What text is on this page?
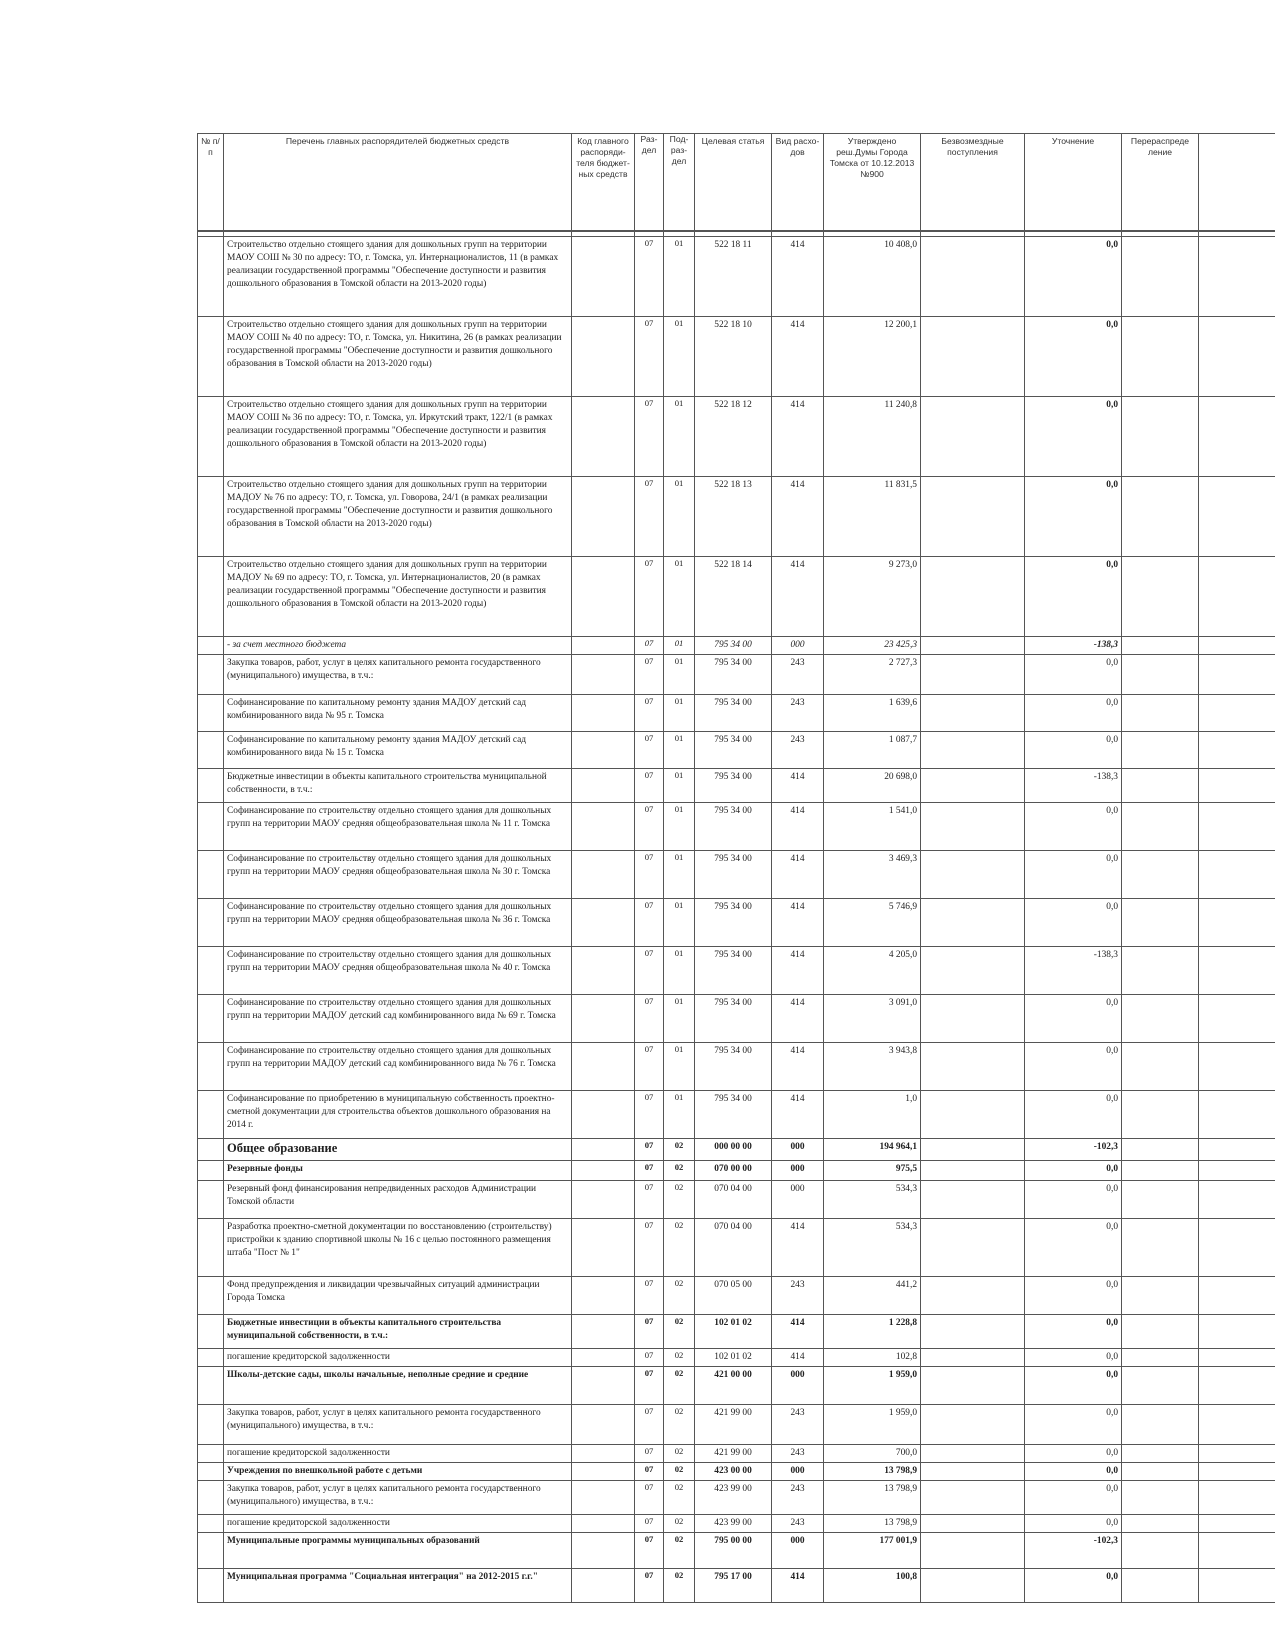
№ п/п	Перечень главных распорядителей бюджетных средств	Код главного распоряди- теля бюджет- ных средств	Раз- дел	Под- раз- дел	Целевая статья	Вид расхо- дов	Утверждено реш.Думы Города Томска от 10.12.2013 №900	Безвозмездные поступления	Уточнение	Перераспреде ление	

	Строительство отдельно стоящего здания для дошкольных групп на территории МАОУ СОШ № 30 по адресу: ТО, г. Томска, ул. Интернационалистов, 11 (в рамках реализации государственной программы "Обеспечение доступности и развития дошкольного образования в Томской области на 2013-2020 годы)		07	01	522 18 11	414	10 408,0		0,0		
	Строительство отдельно стоящего здания для дошкольных групп на территории МАОУ СОШ № 40 по адресу: ТО, г. Томска, ул. Никитина, 26 (в рамках реализации государственной программы "Обеспечение доступности и развития дошкольного образования в Томской области на 2013-2020 годы)		07	01	522 18 10	414	12 200,1		0,0		
	Строительство отдельно стоящего здания для дошкольных групп на территории МАОУ СОШ № 36 по адресу: ТО, г. Томска, ул. Иркутский тракт, 122/1 (в рамках реализации государственной программы "Обеспечение доступности и развития дошкольного образования в Томской области на 2013-2020 годы)		07	01	522 18 12	414	11 240,8		0,0		
	Строительство отдельно стоящего здания для дошкольных групп на территории МАДОУ № 76 по адресу: ТО, г. Томска, ул. Говорова, 24/1 (в рамках реализации государственной программы "Обеспечение доступности и развития дошкольного образования в Томской области на 2013-2020 годы)		07	01	522 18 13	414	11 831,5		0,0		
	Строительство отдельно стоящего здания для дошкольных групп на территории МАДОУ № 69 по адресу: ТО, г. Томска, ул. Интернационалистов, 20 (в рамках реализации государственной программы "Обеспечение доступности и развития дошкольного образования в Томской области на 2013-2020 годы)		07	01	522 18 14	414	9 273,0		0,0		
	- за счет местного бюджета		07	01	795 34 00	000	23 425,3		-138,3		
	Закупка товаров, работ, услуг в целях капитального ремонта государственного (муниципального) имущества, в т.ч.:		07	01	795 34 00	243	2 727,3		0,0		
	Софинансирование по капитальному ремонту здания МАДОУ детский сад комбинированного вида № 95 г. Томска		07	01	795 34 00	243	1 639,6		0,0		
	Софинансирование по капитальному ремонту здания МАДОУ детский сад комбинированного вида № 15 г. Томска		07	01	795 34 00	243	1 087,7		0,0		
	Бюджетные инвестиции в объекты капитального строительства муниципальной собственности, в т.ч.:		07	01	795 34 00	414	20 698,0		-138,3		
	Софинансирование по строительству отдельно стоящего здания для дошкольных групп на территории МАОУ средняя общеобразовательная школа № 11 г. Томска		07	01	795 34 00	414	1 541,0		0,0		
	Софинансирование по строительству отдельно стоящего здания для дошкольных групп на территории МАОУ средняя общеобразовательная школа № 30 г. Томска		07	01	795 34 00	414	3 469,3		0,0		
	Софинансирование по строительству отдельно стоящего здания для дошкольных групп на территории МАОУ средняя общеобразовательная школа № 36 г. Томска		07	01	795 34 00	414	5 746,9		0,0		
	Софинансирование по строительству отдельно стоящего здания для дошкольных групп на территории МАОУ средняя общеобразовательная школа № 40 г. Томска		07	01	795 34 00	414	4 205,0		-138,3		
	Софинансирование по строительству отдельно стоящего здания для дошкольных групп на территории МАДОУ детский сад комбинированного вида № 69 г. Томска		07	01	795 34 00	414	3 091,0		0,0		
	Софинансирование по строительству отдельно стоящего здания для дошкольных групп на территории МАДОУ детский сад комбинированного вида № 76 г. Томска		07	01	795 34 00	414	3 943,8		0,0		
	Софинансирование по приобретению в муниципальную собственность проектно-сметной документации для строительства объектов дошкольного образования на 2014 г.		07	01	795 34 00	414	1,0		0,0		
	Общее образование		07	02	000 00 00	000	194 964,1		-102,3		
	Резервные фонды		07	02	070 00 00	000	975,5		0,0		
	Резервный фонд финансирования непредвиденных расходов Администрации Томской области		07	02	070 04 00	000	534,3		0,0		
	Разработка проектно-сметной документации по восстановлению (строительству) пристройки к зданию спортивной школы № 16 с целью постоянного размещения штаба "Пост № 1"		07	02	070 04 00	414	534,3		0,0		
	Фонд предупреждения и ликвидации чрезвычайных ситуаций администрации Города Томска		07	02	070 05 00	243	441,2		0,0		
	Бюджетные инвестиции в объекты капитального строительства муниципальной собственности, в т.ч.:		07	02	102 01 02	414	1 228,8		0,0		
	погашение кредиторской задолженности		07	02	102 01 02	414	102,8		0,0		
	Школы-детские сады, школы начальные, неполные средние и средние		07	02	421 00 00	000	1 959,0		0,0		
	Закупка товаров, работ, услуг в целях капитального ремонта государственного (муниципального) имущества, в т.ч.:		07	02	421 99 00	243	1 959,0		0,0		
	погашение кредиторской задолженности		07	02	421 99 00	243	700,0		0,0		
	Учреждения по внешкольной работе с детьми		07	02	423 00 00	000	13 798,9		0,0		
	Закупка товаров, работ, услуг в целях капитального ремонта государственного (муниципального) имущества, в т.ч.:		07	02	423 99 00	243	13 798,9		0,0		
	погашение кредиторской задолженности		07	02	423 99 00	243	13 798,9		0,0		
	Муниципальные программы муниципальных образований		07	02	795 00 00	000	177 001,9		-102,3		
	Муниципальная программа "Социальная интеграция" на 2012-2015 г.г."		07	02	795 17 00	414	100,8		0,0		
